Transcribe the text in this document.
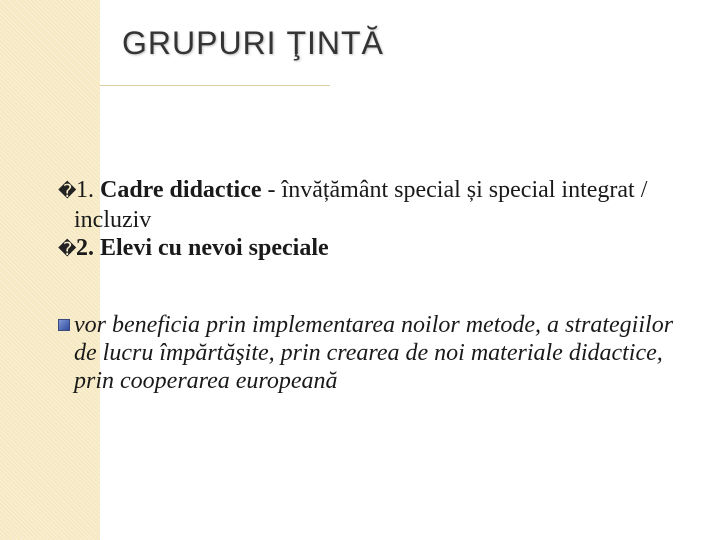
GRUPURI ŢINTĂ

�1. Cadre didactice - învățământ special și special integrat / incluziv

�2. Elevi cu nevoi speciale

vor beneficia prin implementarea noilor metode, a strategiilor de lucru împărtăşite, prin crearea de noi materiale didactice, prin cooperarea europeană
